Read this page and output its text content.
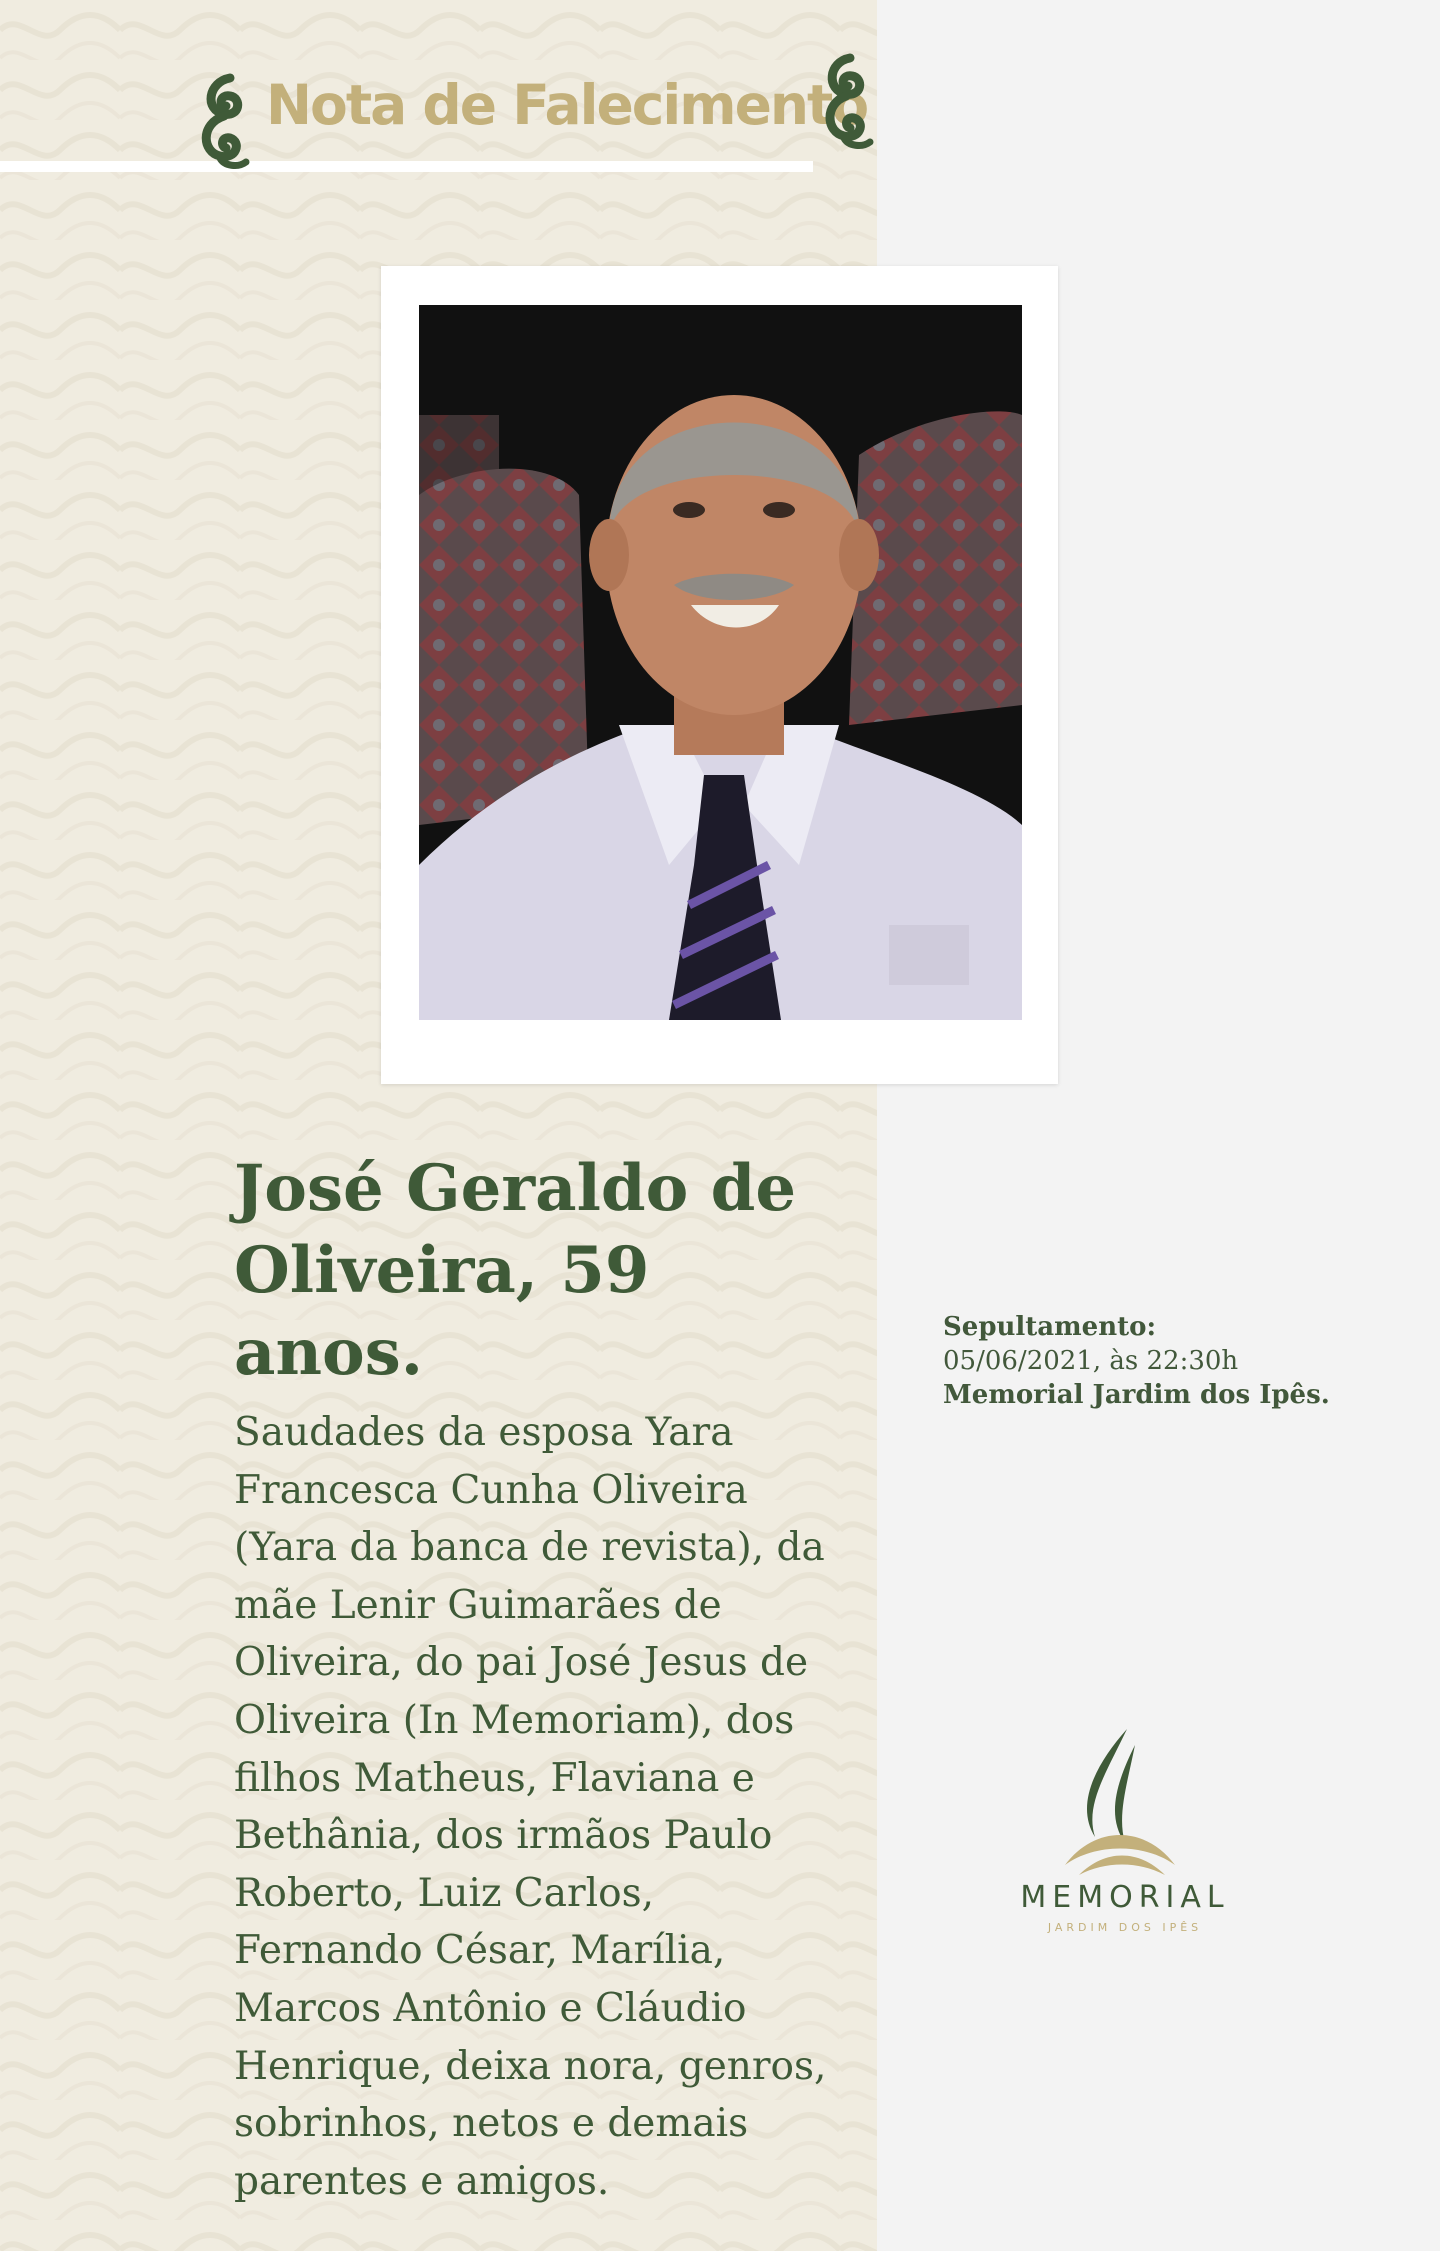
Nota de Falecimento
José Geraldo de Oliveira, 59 anos.

Saudades da esposa Yara Francesca Cunha Oliveira (Yara da banca de revista), da mãe Lenir Guimarães de Oliveira, do pai José Jesus de Oliveira (In Memoriam), dos filhos Matheus, Flaviana e Bethânia, dos irmãos Paulo Roberto, Luiz Carlos, Fernando César, Marília, Marcos Antônio e Cláudio Henrique, deixa nora, genros, sobrinhos, netos e demais parentes e amigos.

Sepultamento:
05/06/2021, às 22:30h
Memorial Jardim dos Ipês.
MEMORIAL
JARDIM DOS IPÊS
